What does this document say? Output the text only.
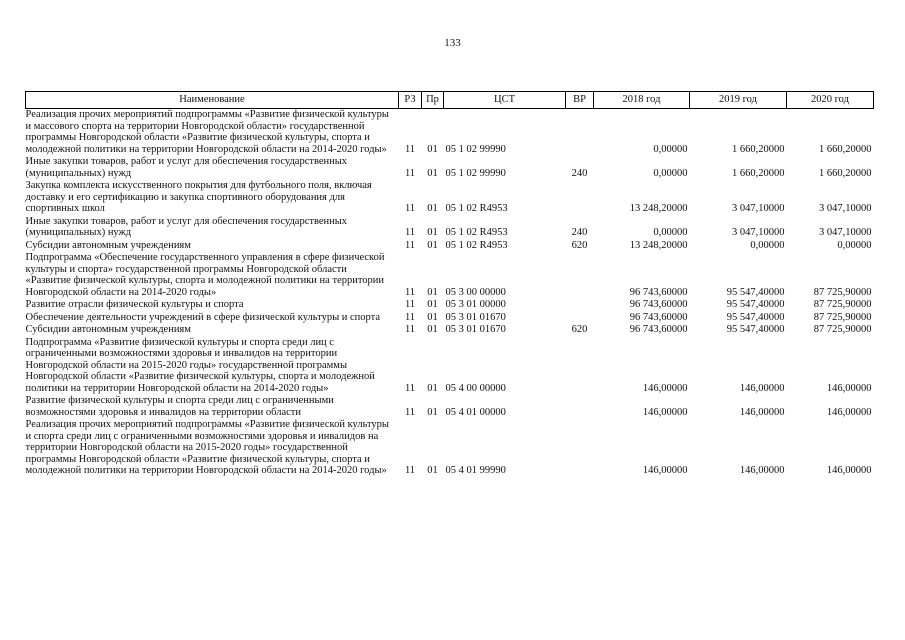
133
Наименование	РЗ	Пр	ЦСТ	ВР	2018 год	2019 год	2020 год
Реализация прочих мероприятий подпрограммы «Развитие физической культуры и массового спорта на территории Новгородской области» государственной программы Новгородской области «Развитие физической культуры, спорта и молодежной политики на территории Новгородской области на 2014-2020 годы»	11	01	05 1 02 99990		0,00000	1 660,20000	1 660,20000
Иные закупки товаров, работ и услуг для обеспечения государственных (муниципальных) нужд	11	01	05 1 02 99990	240	0,00000	1 660,20000	1 660,20000
Закупка комплекта искусственного покрытия для футбольного поля, включая доставку и его сертификацию и закупка спортивного оборудования для спортивных школ	11	01	05 1 02 R4953		13 248,20000	3 047,10000	3 047,10000
Иные закупки товаров, работ и услуг для обеспечения государственных (муниципальных) нужд	11	01	05 1 02 R4953	240	0,00000	3 047,10000	3 047,10000
Субсидии автономным учреждениям	11	01	05 1 02 R4953	620	13 248,20000	0,00000	0,00000
Подпрограмма «Обеспечение государственного управления в сфере физической культуры и спорта» государственной программы Новгородской области «Развитие физической культуры, спорта и молодежной политики на территории Новгородской области на 2014-2020 годы»	11	01	05 3 00 00000		96 743,60000	95 547,40000	87 725,90000
Развитие отрасли физической культуры и спорта	11	01	05 3 01 00000		96 743,60000	95 547,40000	87 725,90000
Обеспечение деятельности учреждений в сфере физической культуры и спорта	11	01	05 3 01 01670		96 743,60000	95 547,40000	87 725,90000
Субсидии автономным учреждениям	11	01	05 3 01 01670	620	96 743,60000	95 547,40000	87 725,90000
Подпрограмма «Развитие физической культуры и спорта среди лиц с ограниченными возможностями здоровья и инвалидов на территории Новгородской области на 2015-2020 годы» государственной программы Новгородской области «Развитие физической культуры, спорта и молодежной политики на территории Новгородской области на 2014-2020 годы»	11	01	05 4 00 00000		146,00000	146,00000	146,00000
Развитие физической культуры и спорта среди лиц с ограниченными возможностями здоровья и инвалидов на территории области	11	01	05 4 01 00000		146,00000	146,00000	146,00000
Реализация прочих мероприятий подпрограммы «Развитие физической культуры и спорта среди лиц с ограниченными возможностями здоровья и инвалидов на территории Новгородской области на 2015-2020 годы» государственной программы Новгородской области «Развитие физической культуры, спорта и молодежной политики на территории Новгородской области на 2014-2020 годы»	11	01	05 4 01 99990		146,00000	146,00000	146,00000
